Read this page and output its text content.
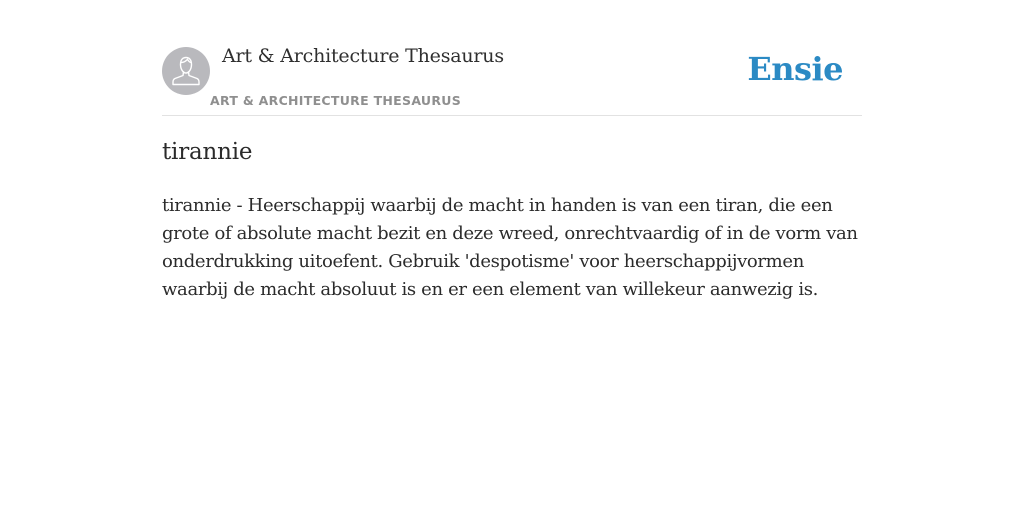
Art & Architecture Thesaurus
ART & ARCHITECTURE THESAURUS
Ensie
tirannie

tirannie - Heerschappij waarbij de macht in handen is van een tiran, die een grote of absolute macht bezit en deze wreed, onrechtvaardig of in de vorm van onderdrukking uitoefent. Gebruik 'despotisme' voor heerschappijvormen waarbij de macht absoluut is en er een element van willekeur aanwezig is.
